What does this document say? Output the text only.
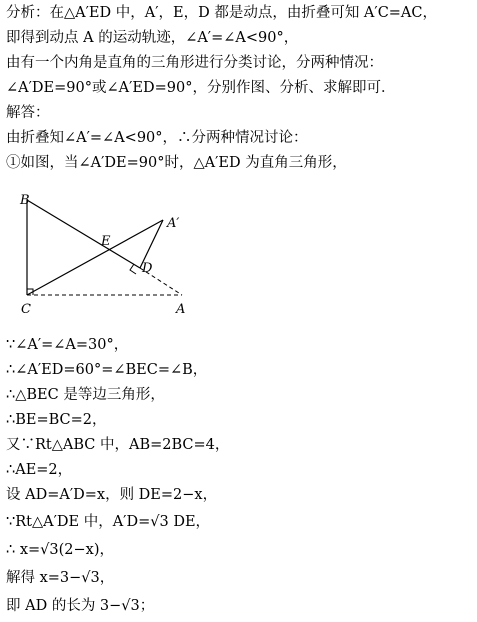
分析：在△A′ED 中，A′，E，D 都是动点，由折叠可知 A′C=AC，
即得到动点 A 的运动轨迹，∠A′=∠A<90°，
由有一个内角是直角的三角形进行分类讨论，分两种情况：
∠A′DE=90°或∠A′ED=90°，分别作图、分析、求解即可．
解答：
由折叠知∠A′=∠A<90°，∴分两种情况讨论：
①如图，当∠A′DE=90°时，△A′ED 为直角三角形，
B
E
A′
D
C	A
∵∠A′=∠A=30°，
∴∠A′ED=60°=∠BEC=∠B，
∴△BEC 是等边三角形，
∴BE=BC=2，
又∵Rt△ABC 中，AB=2BC=4，
∴AE=2，
设 AD=A′D=x，则 DE=2−x，
∵Rt△A′DE 中，A′D=√3 DE，
∴ x=√3(2−x)，
解得 x=3−√3，
即 AD 的长为 3−√3；
